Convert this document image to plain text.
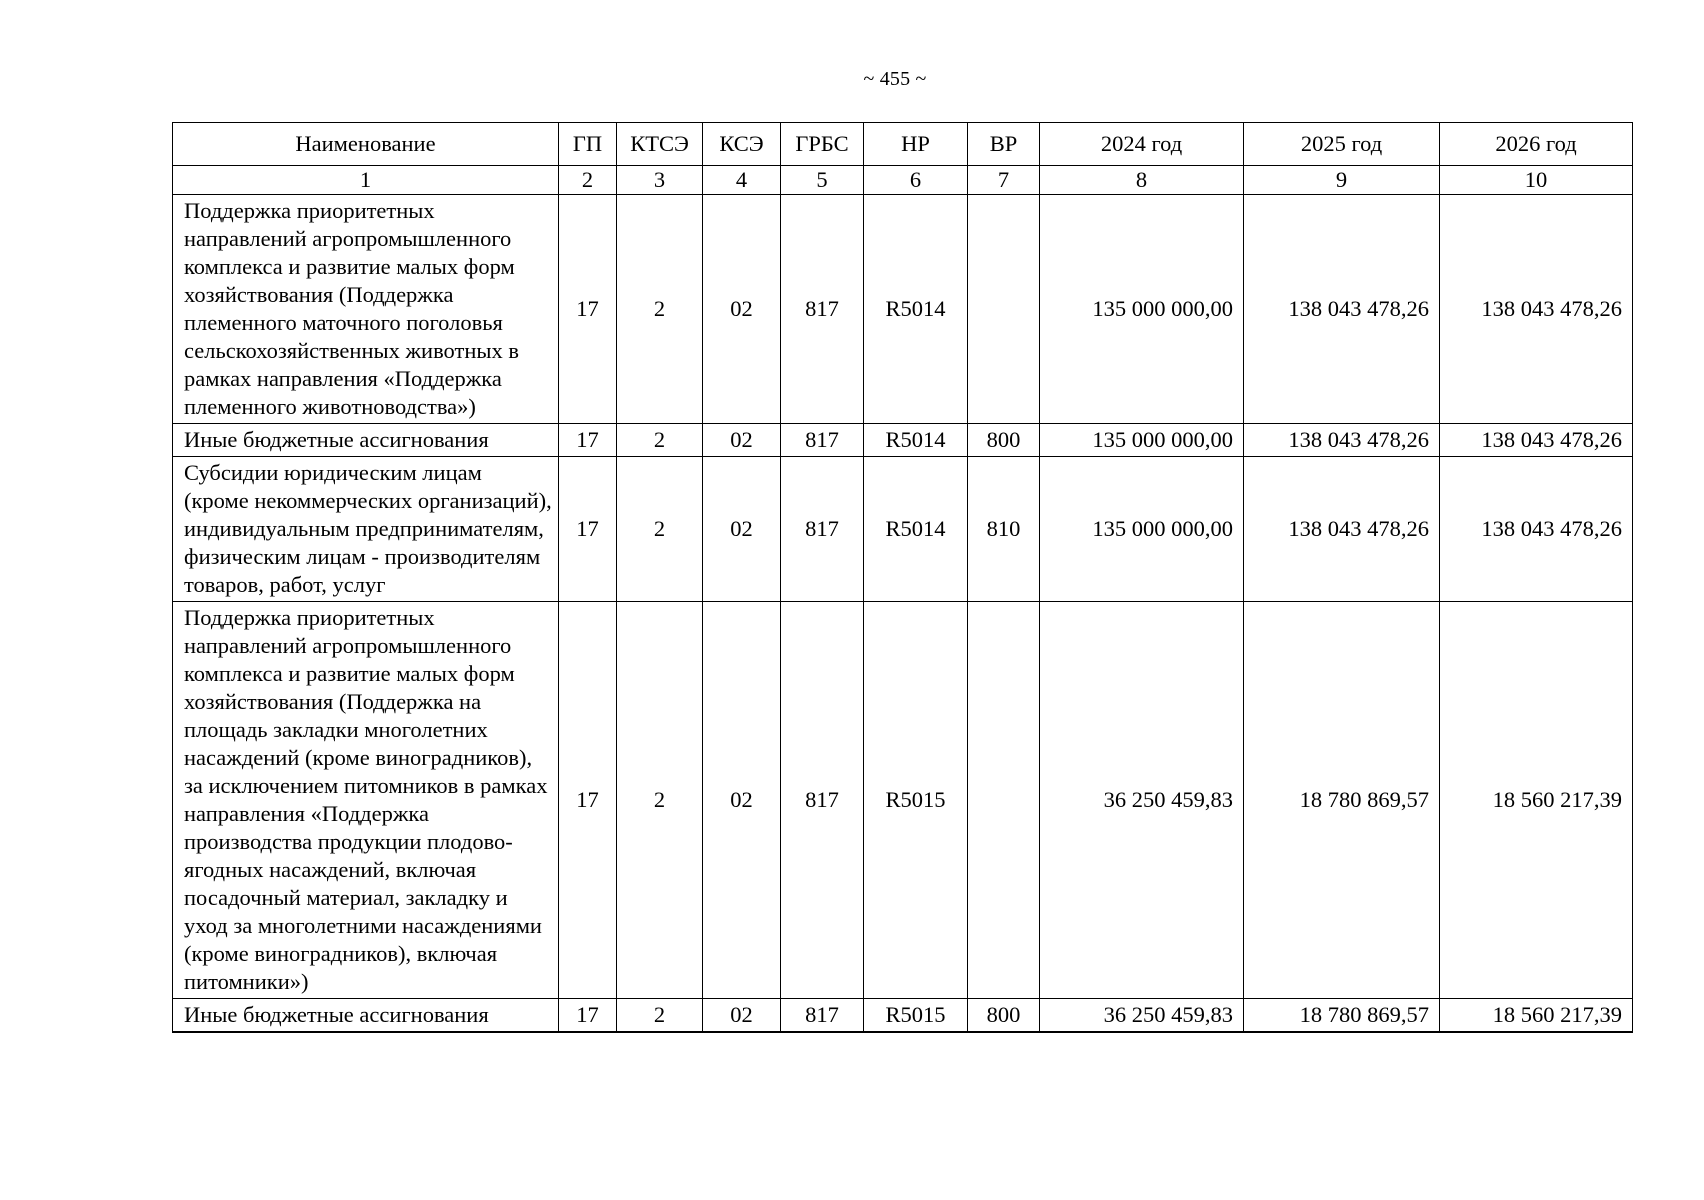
~ 455 ~
Наименование	ГП	КТСЭ	КСЭ	ГРБС	НР	ВР	2024 год	2025 год	2026 год
1	2	3	4	5	6	7	8	9	10
Поддержка приоритетных направлений агропромышленного комплекса и развитие малых форм хозяйствования (Поддержка племенного маточного поголовья сельскохозяйственных животных в рамках направления «Поддержка племенного животноводства»)	17	2	02	817	R5014		135 000 000,00	138 043 478,26	138 043 478,26
Иные бюджетные ассигнования	17	2	02	817	R5014	800	135 000 000,00	138 043 478,26	138 043 478,26
Субсидии юридическим лицам (кроме некоммерческих организаций), индивидуальным предпринимателям, физическим лицам - производителям товаров, работ, услуг	17	2	02	817	R5014	810	135 000 000,00	138 043 478,26	138 043 478,26
Поддержка приоритетных направлений агропромышленного комплекса и развитие малых форм хозяйствования (Поддержка на площадь закладки многолетних насаждений (кроме виноградников), за исключением питомников в рамках направления «Поддержка производства продукции плодово-ягодных насаждений, включая посадочный материал, закладку и уход за многолетними насаждениями (кроме виноградников), включая питомники»)	17	2	02	817	R5015		36 250 459,83	18 780 869,57	18 560 217,39
Иные бюджетные ассигнования	17	2	02	817	R5015	800	36 250 459,83	18 780 869,57	18 560 217,39
